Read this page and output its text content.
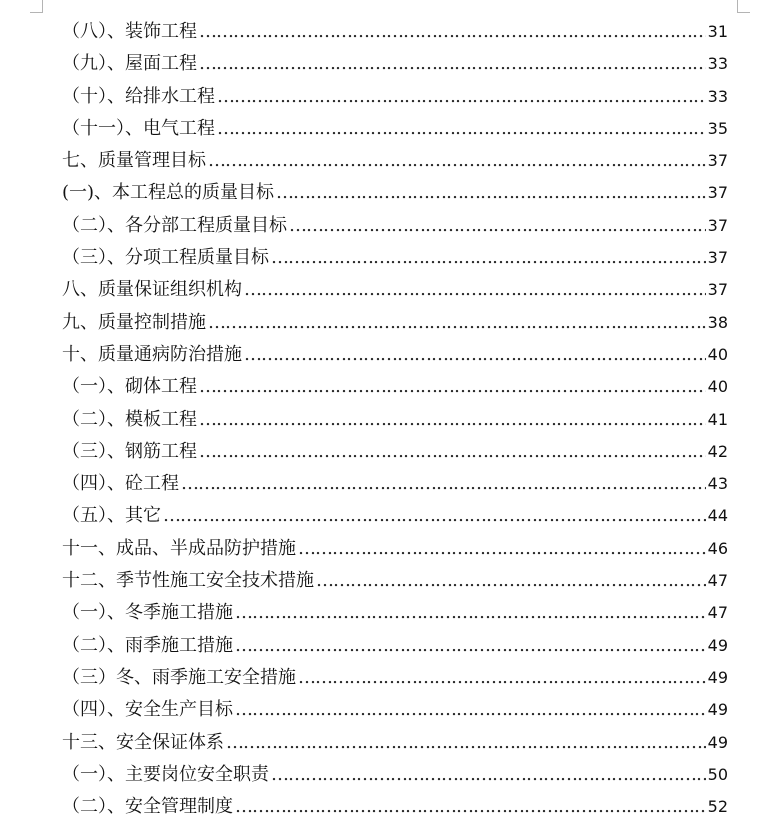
（八）、装饰工程 ……………………………………………………………………………………………………………………………………………………………………………………………………………………	31
（九）、屋面工程 ……………………………………………………………………………………………………………………………………………………………………………………………………………………	33
（十）、给排水工程 ……………………………………………………………………………………………………………………………………………………………………………………………………………………	33
（十一）、电气工程 ……………………………………………………………………………………………………………………………………………………………………………………………………………………	35
七、质量管理目标 ……………………………………………………………………………………………………………………………………………………………………………………………………………………	37
(一)、本工程总的质量目标 ……………………………………………………………………………………………………………………………………………………………………………………………………………………	37
（二）、各分部工程质量目标 ……………………………………………………………………………………………………………………………………………………………………………………………………………………	37
（三）、分项工程质量目标 ……………………………………………………………………………………………………………………………………………………………………………………………………………………	37
八、质量保证组织机构 ……………………………………………………………………………………………………………………………………………………………………………………………………………………	37
九、质量控制措施 ……………………………………………………………………………………………………………………………………………………………………………………………………………………	38
十、质量通病防治措施 ……………………………………………………………………………………………………………………………………………………………………………………………………………………	40
（一）、砌体工程 ……………………………………………………………………………………………………………………………………………………………………………………………………………………	40
（二）、模板工程 ……………………………………………………………………………………………………………………………………………………………………………………………………………………	41
（三）、钢筋工程 ……………………………………………………………………………………………………………………………………………………………………………………………………………………	42
（四）、砼工程 ……………………………………………………………………………………………………………………………………………………………………………………………………………………	43
（五）、其它 ……………………………………………………………………………………………………………………………………………………………………………………………………………………	44
十一、成品、半成品防护措施 ……………………………………………………………………………………………………………………………………………………………………………………………………………………	46
十二、季节性施工安全技术措施 ……………………………………………………………………………………………………………………………………………………………………………………………………………………	47
（一）、冬季施工措施 ……………………………………………………………………………………………………………………………………………………………………………………………………………………	47
（二）、雨季施工措施 ……………………………………………………………………………………………………………………………………………………………………………………………………………………	49
（三）冬、雨季施工安全措施 ……………………………………………………………………………………………………………………………………………………………………………………………………………………	49
（四）、安全生产目标 ……………………………………………………………………………………………………………………………………………………………………………………………………………………	49
十三、安全保证体系 ……………………………………………………………………………………………………………………………………………………………………………………………………………………	49
（一）、主要岗位安全职责 ……………………………………………………………………………………………………………………………………………………………………………………………………………………	50
（二）、安全管理制度 ……………………………………………………………………………………………………………………………………………………………………………………………………………………	52
